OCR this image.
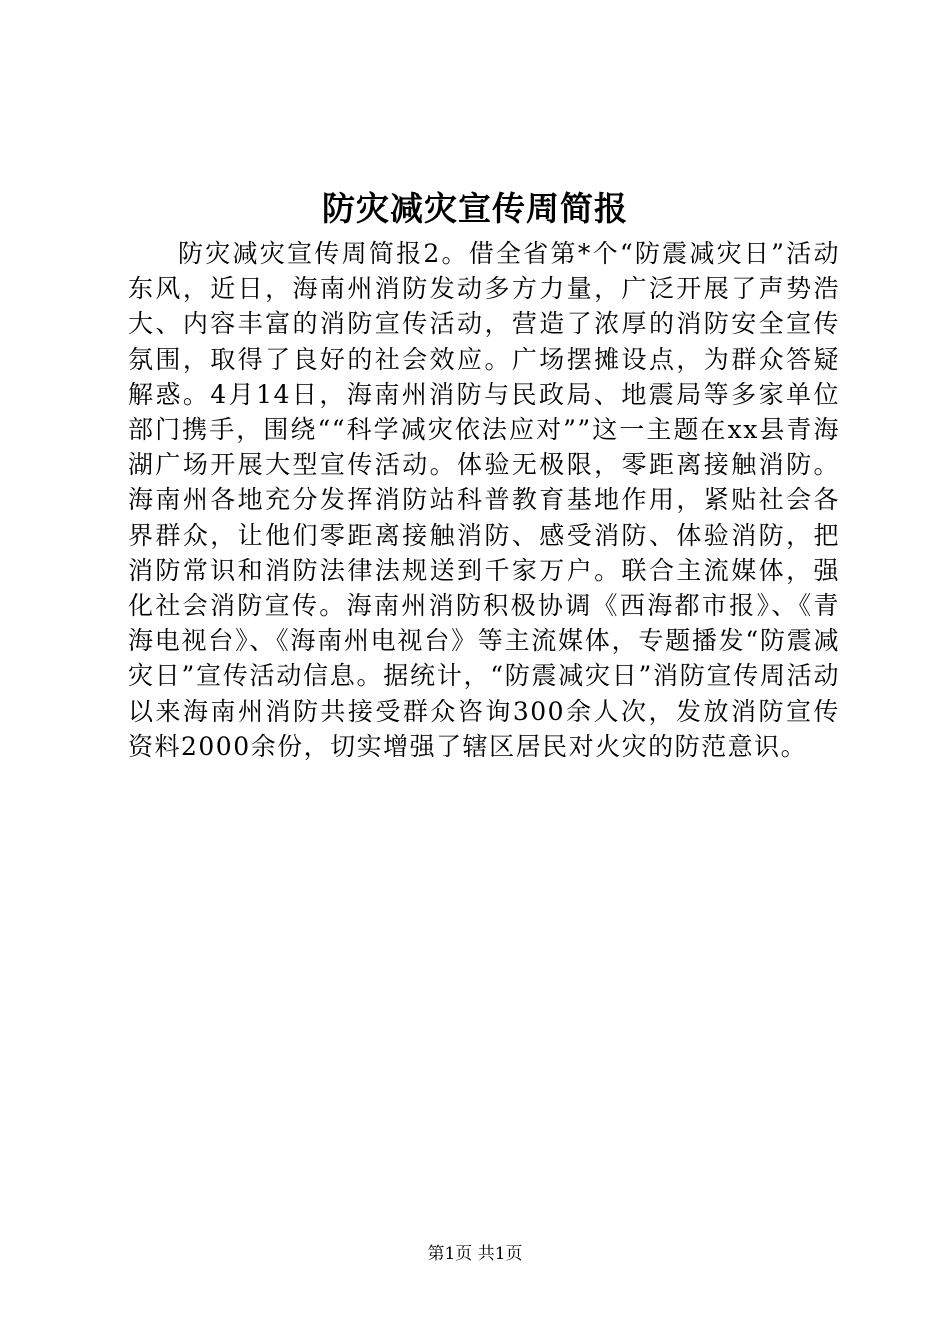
防灾减灾宣传周简报

防灾减灾宣传周简报2。借全省第*个“防震减灾日”活动东风，近日，海南州消防发动多方力量，广泛开展了声势浩大、内容丰富的消防宣传活动，营造了浓厚的消防安全宣传氛围，取得了良好的社会效应。广场摆摊设点，为群众答疑解惑。4月14日，海南州消防与民政局、地震局等多家单位部门携手，围绕““科学减灾依法应对””这一主题在xx县青海湖广场开展大型宣传活动。体验无极限，零距离接触消防。海南州各地充分发挥消防站科普教育基地作用，紧贴社会各界群众，让他们零距离接触消防、感受消防、体验消防，把消防常识和消防法律法规送到千家万户。联合主流媒体，强化社会消防宣传。海南州消防积极协调《西海都市报》、《青海电视台》、《海南州电视台》等主流媒体，专题播发“防震减灾日”宣传活动信息。据统计，“防震减灾日”消防宣传周活动以来海南州消防共接受群众咨询300余人次，发放消防宣传资料2000余份，切实增强了辖区居民对火灾的防范意识。

第1页 共1页
